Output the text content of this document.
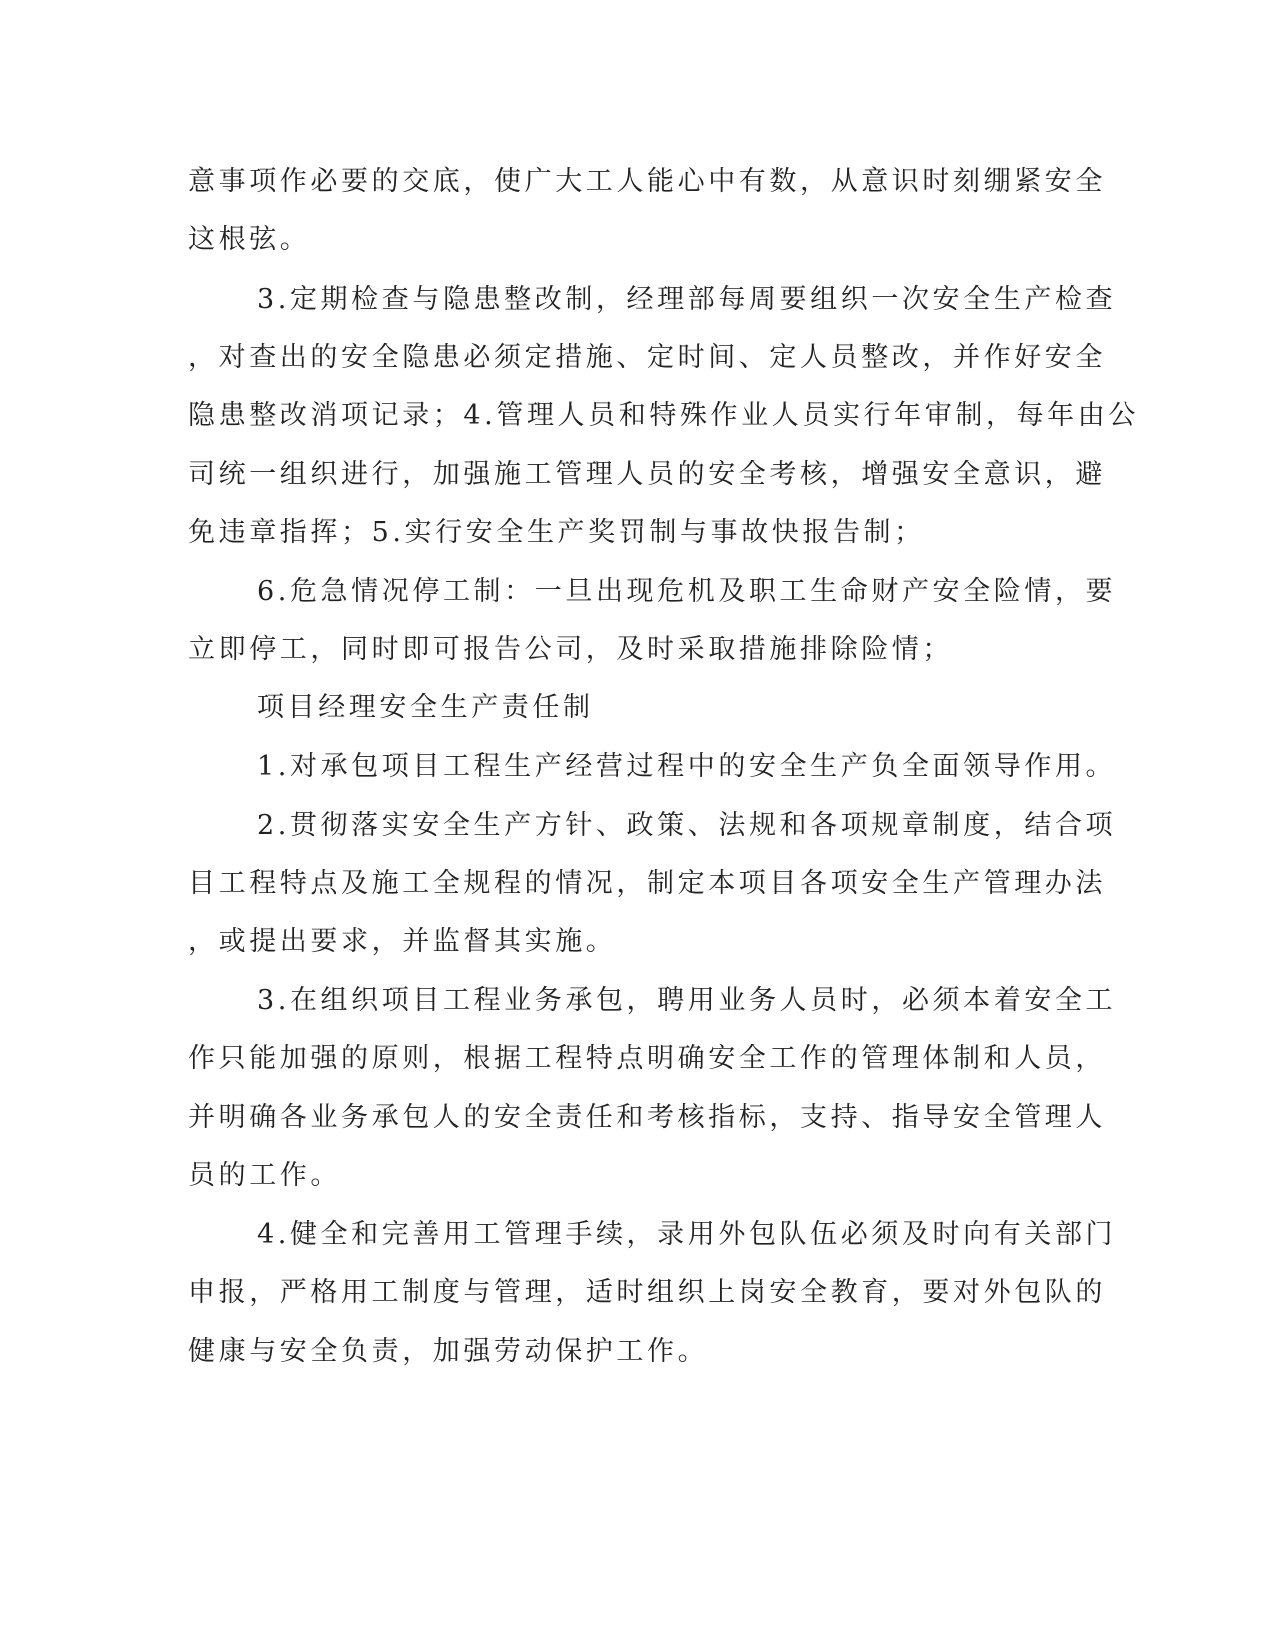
意事项作必要的交底，使广大工人能心中有数，从意识时刻绷紧安全
这根弦。
3.定期检查与隐患整改制，经理部每周要组织一次安全生产检查
，对查出的安全隐患必须定措施、定时间、定人员整改，并作好安全
隐患整改消项记录；4.管理人员和特殊作业人员实行年审制，每年由公
司统一组织进行，加强施工管理人员的安全考核，增强安全意识，避
免违章指挥；5.实行安全生产奖罚制与事故快报告制；
6.危急情况停工制：一旦出现危机及职工生命财产安全险情，要
立即停工，同时即可报告公司，及时采取措施排除险情；
项目经理安全生产责任制
1.对承包项目工程生产经营过程中的安全生产负全面领导作用。
2.贯彻落实安全生产方针、政策、法规和各项规章制度，结合项
目工程特点及施工全规程的情况，制定本项目各项安全生产管理办法
，或提出要求，并监督其实施。
3.在组织项目工程业务承包，聘用业务人员时，必须本着安全工
作只能加强的原则，根据工程特点明确安全工作的管理体制和人员，
并明确各业务承包人的安全责任和考核指标，支持、指导安全管理人
员的工作。
4.健全和完善用工管理手续，录用外包队伍必须及时向有关部门
申报，严格用工制度与管理，适时组织上岗安全教育，要对外包队的
健康与安全负责，加强劳动保护工作。
